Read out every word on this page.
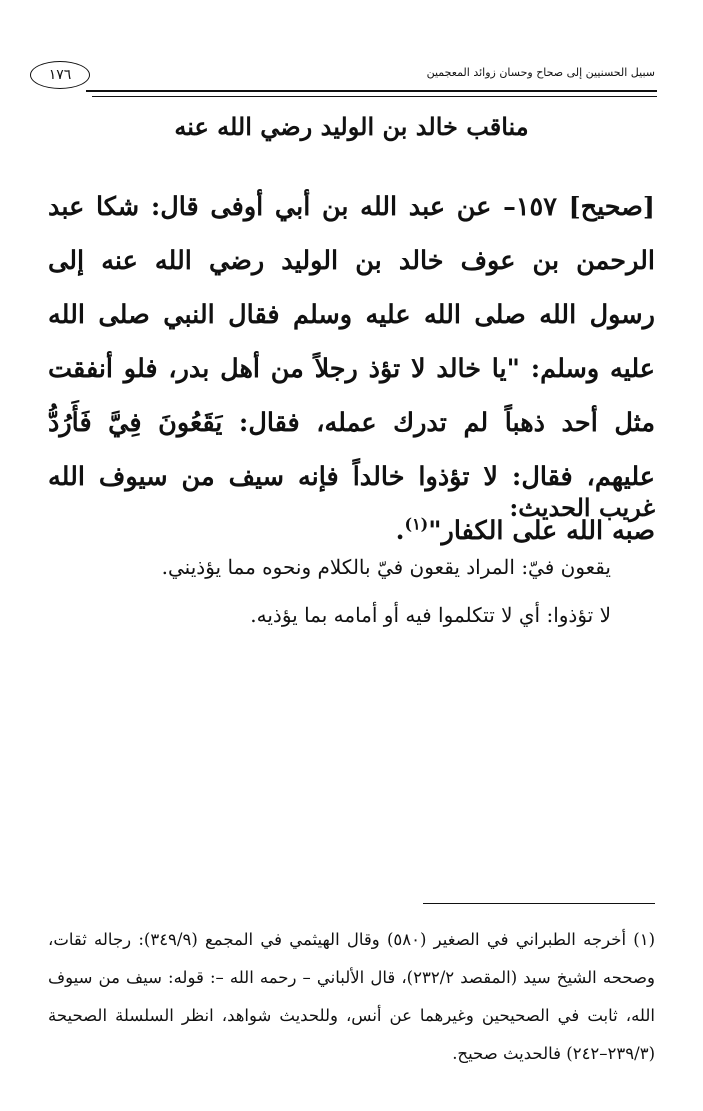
سبيل الحسنيين إلى صحاح وحسان زوائد المعجمين
١٧٦
مناقب خالد بن الوليد رضي الله عنه
[صحيح] ١٥٧– عن عبد الله بن أبي أوفى قال: شكا عبد الرحمن بن عوف خالد بن الوليد رضي الله عنه إلى رسول الله صلى الله عليه وسلم فقال النبي صلى الله عليه وسلم: "يا خالد لا تؤذ رجلاً من أهل بدر، فلو أنفقت مثل أحد ذهباً لم تدرك عمله، فقال: يَقَعُونَ فِيَّ فَأَرُدُّ عليهم، فقال: لا تؤذوا خالداً فإنه سيف من سيوف الله صبه الله على الكفار"$^{(١)}$.
غريب الحديث:
يقعون فيّ: المراد يقعون فيّ بالكلام ونحوه مما يؤذيني.
لا تؤذوا: أي لا تتكلموا فيه أو أمامه بما يؤذيه.
(١) أخرجه الطبراني في الصغير (٥٨٠) وقال الهيثمي في المجمع (٣٤٩/٩): رجاله ثقات، وصححه الشيخ سيد (المقصد ٢٣٢/٢)، قال الألباني – رحمه الله –: قوله: سيف من سيوف الله، ثابت في الصحيحين وغيرهما عن أنس، وللحديث شواهد، انظر السلسلة الصحيحة (٢٣٩/٣–٢٤٢) فالحديث صحيح.
